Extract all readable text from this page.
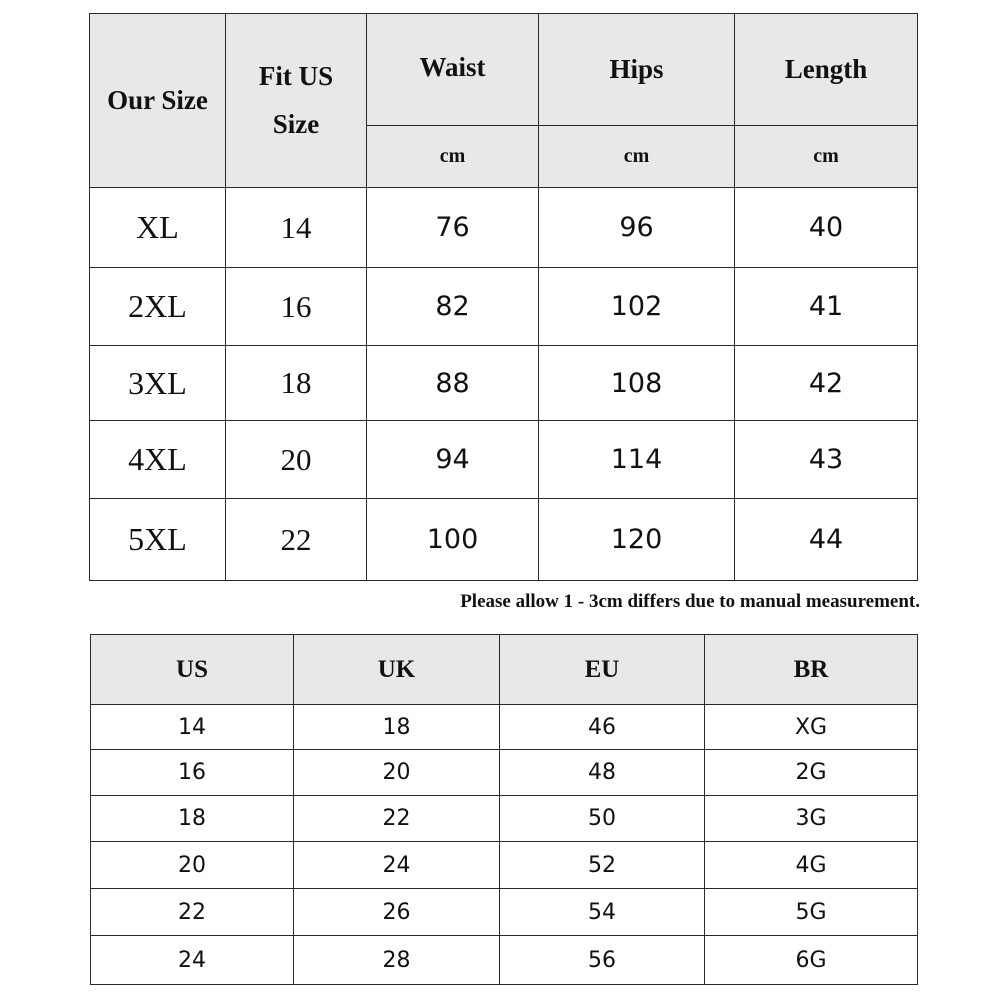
Our Size	Fit US Size	Waist	Hips	Length
		cm	cm	cm
XL	14	76	96	40
2XL	16	82	102	41
3XL	18	88	108	42
4XL	20	94	114	43
5XL	22	100	120	44
Please allow 1 - 3cm differs due to manual measurement.
US	UK	EU	BR
14	18	46	XG
16	20	48	2G
18	22	50	3G
20	24	52	4G
22	26	54	5G
24	28	56	6G
